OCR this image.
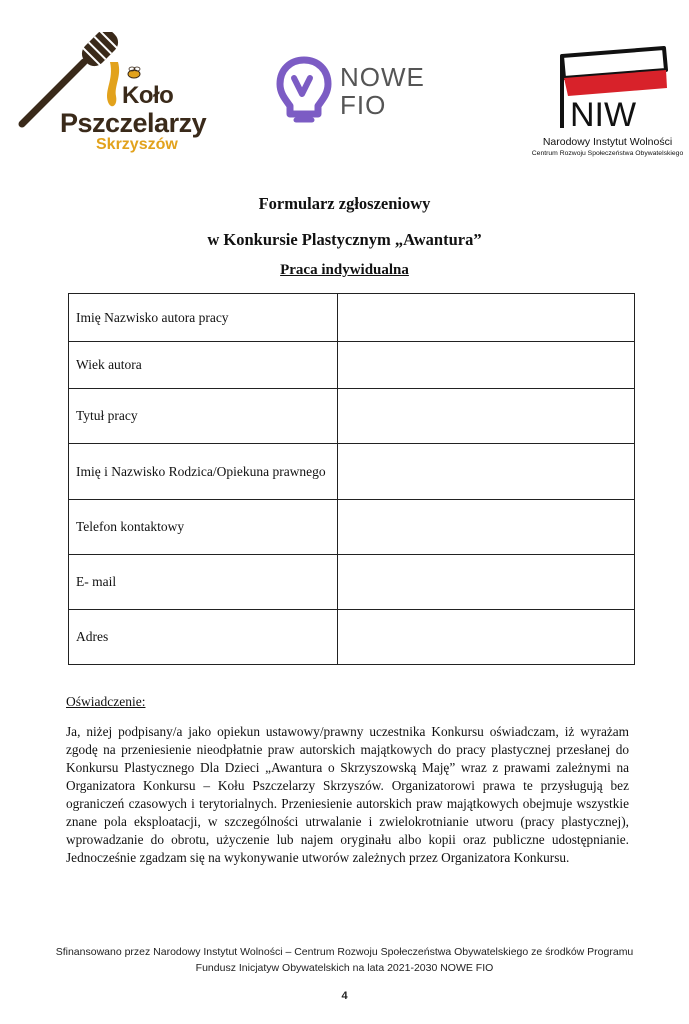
Koło
Pszczelarzy
Skrzyszów
NOWE
FIO	NIW
Narodowy Instytut Wolności
Centrum Rozwoju Społeczeństwa Obywatelskiego
Formularz zgłoszeniowy
w Konkursie Plastycznym „Awantura”
Praca indywidualna
Imię Nazwisko autora pracy	
Wiek autora	
Tytuł pracy	
Imię i Nazwisko Rodzica/Opiekuna prawnego	
Telefon kontaktowy	
E- mail	
Adres	
Oświadczenie:

Ja, niżej podpisany/a jako opiekun ustawowy/prawny uczestnika Konkursu oświadczam, iż wyrażam zgodę na przeniesienie nieodpłatnie praw autorskich majątkowych do pracy plastycznej przesłanej do Konkursu Plastycznego Dla Dzieci „Awantura o Skrzyszowską Maję” wraz z prawami zależnymi na Organizatora Konkursu – Kołu Pszczelarzy Skrzyszów. Organizatorowi prawa te przysługują bez ograniczeń czasowych i terytorialnych. Przeniesienie autorskich praw majątkowych obejmuje wszystkie znane pola eksploatacji, w szczególności utrwalanie i zwielokrotnianie utworu (pracy plastycznej), wprowadzanie do obrotu, użyczenie lub najem oryginału albo kopii oraz publiczne udostępnianie. Jednocześnie zgadzam się na wykonywanie utworów zależnych przez Organizatora Konkursu.

Sfinansowano przez Narodowy Instytut Wolności – Centrum Rozwoju Społeczeństwa Obywatelskiego ze środków Programu
Fundusz Inicjatyw Obywatelskich na lata 2021-2030 NOWE FIO
4
